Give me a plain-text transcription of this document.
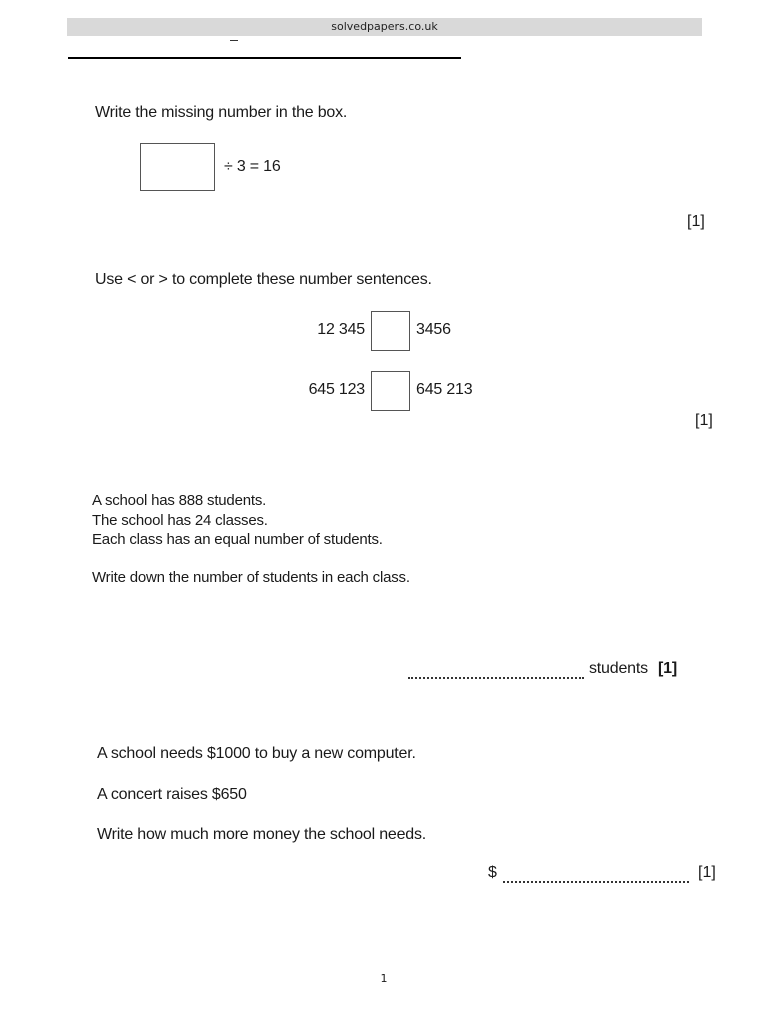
solvedpapers.co.uk
Write the missing number in the box.
÷ 3 = 16
[1]
Use < or > to complete these number sentences.
12 345	3456
645 123	645 213
[1]
A school has 888 students.
The school has 24 classes.
Each class has an equal number of students.
Write down the number of students in each class.
students [1]
A school needs $1000 to buy a new computer.
A concert raises $650
Write how much more money the school needs.
$	[1]
1
